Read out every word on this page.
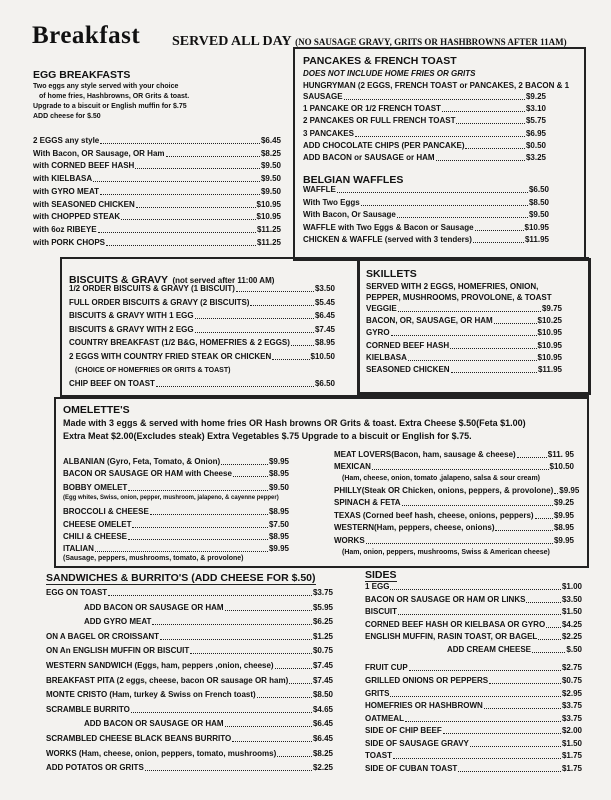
Breakfast SERVED ALL DAY (NO SAUSAGE GRAVY, GRITS OR HASHBROWNS AFTER 11AM)
EGG BREAKFASTS
Two eggs any style served with your choice
of home fries, Hashbrowns, OR Grits & toast.
Upgrade to a biscuit or English muffin for $.75
ADD cheese for $.50
2 EGGS any style	$6.45
With Bacon, OR Sausage, OR Ham	$8.25
with CORNED BEEF HASH	$9.50
with KIELBASA	$9.50
with GYRO MEAT	$9.50
with SEASONED CHICKEN	$10.95
with CHOPPED STEAK	$10.95
with 6oz RIBEYE	$11.25
with PORK CHOPS	$11.25
PANCAKES & FRENCH TOAST
DOES NOT INCLUDE HOME FRIES OR GRITS
HUNGRYMAN (2 EGGS, FRENCH TOAST or PANCAKES, 2 BACON & 1
SAUSAGE	$9.25
1 PANCAKE OR 1/2 FRENCH TOAST	$3.10
2 PANCAKES OR FULL FRENCH TOAST	$5.75
3 PANCAKES	$6.95
ADD CHOCOLATE CHIPS (PER PANCAKE)	$0.50
ADD BACON or SAUSAGE or HAM	$3.25
BELGIAN WAFFLES
WAFFLE	$6.50
With Two Eggs	$8.50
With Bacon, Or Sausage	$9.50
WAFFLE with Two Eggs & Bacon or Sausage	$10.95
CHICKEN & WAFFLE (served with 3 tenders)	$11.95
BISCUITS & GRAVY (not served after 11:00 AM)
1/2 ORDER BISCUITS & GRAVY (1 BISCUIT)	$3.50
FULL ORDER BISCUITS & GRAVY (2 BISCUITS)	$5.45
BISCUITS & GRAVY WITH 1 EGG	$6.45
BISCUITS & GRAVY WITH 2 EGG	$7.45
COUNTRY BREAKFAST (1/2 B&G, HOMEFRIES & 2 EGGS)	$8.95
2 EGGS WITH COUNTRY FRIED STEAK OR CHICKEN	$10.50
(CHOICE OF HOMEFRIES OR GRITS & TOAST)
CHIP BEEF ON TOAST	$6.50
SKILLETS
SERVED WITH 2 EGGS, HOMEFRIES, ONION,
PEPPER, MUSHROOMS, PROVOLONE, & TOAST
VEGGIE	$9.75
BACON, OR, SAUSAGE, OR HAM	$10.25
GYRO	$10.95
CORNED BEEF HASH	$10.95
KIELBASA	$10.95
SEASONED CHICKEN	$11.95
OMELETTE'S
Made with 3 eggs & served with home fries OR Hash browns OR Grits & toast. Extra Cheese $.50(Feta $1.00)
Extra Meat $2.00(Excludes steak) Extra Vegetables $.75 Upgrade to a biscuit or English for $.75.
ALBANIAN (Gyro, Feta, Tomato, & Onion)	$9.95
BACON OR SAUSAGE OR HAM with Cheese	$8.95
BOBBY OMELET	$9.50
BROCCOLI & CHEESE	$8.95
CHEESE OMELET	$7.50
CHILI & CHEESE	$8.95
ITALIAN	$9.95
MEAT LOVERS(Bacon, ham, sausage & cheese)	$11. 95
MEXICAN	$10.50
PHILLY(Steak OR Chicken, onions, peppers, & provolone) $9.95
SPINACH & FETA	$9.25
TEXAS (Corned beef hash, cheese, onions, peppers)	$9.95
WESTERN(Ham, peppers, cheese, onions)	$8.95
WORKS	$9.95
(Egg whites, Swiss, onion, pepper, mushroom, jalapeno, & cayenne pepper)
(Sausage, peppers, mushrooms, tomato, & provolone)
(Ham, cheese, onion, tomato ,jalapeno, salsa & sour cream)
(Ham, onion, peppers, mushrooms, Swiss & American cheese)
SANDWICHES & BURRITO'S (ADD CHEESE FOR $.50)
EGG ON TOAST	$3.75
ADD BACON OR SAUSAGE OR HAM	$5.95
ADD GYRO MEAT	$6.25
ON A BAGEL OR CROISSANT	$1.25
ON An ENGLISH MUFFIN OR BISCUIT	$0.75
WESTERN SANDWICH (Eggs, ham, peppers ,onion, cheese)	$7.45
BREAKFAST PITA (2 eggs, cheese, bacon OR sausage OR ham)	$7.45
MONTE CRISTO (Ham, turkey & Swiss on French toast)	$8.50
SCRAMBLE BURRITO	$4.65
ADD BACON OR SAUSAGE OR HAM	$6.45
SCRAMBLED CHEESE BLACK BEANS BURRITO	$6.45
WORKS (Ham, cheese, onion, peppers, tomato, mushrooms)	$8.25
ADD POTATOS OR GRITS	$2.25
SIDES
1 EGG	$1.00
BACON OR SAUSAGE OR HAM OR LINKS	$3.50
BISCUIT	$1.50
CORNED BEEF HASH OR KIELBASA OR GYRO $4.25
ENGLISH MUFFIN, RASIN TOAST, OR BAGEL	$2.25
ADD CREAM CHEESE	$.50
FRUIT CUP	$2.75
GRILLED ONIONS OR PEPPERS	$0.75
GRITS	$2.95
HOMEFRIES OR HASHBROWN	$3.75
OATMEAL	$3.75
SIDE OF CHIP BEEF	$2.00
SIDE OF SAUSAGE GRAVY	$1.50
TOAST	$1.75
SIDE OF CUBAN TOAST	$1.75
